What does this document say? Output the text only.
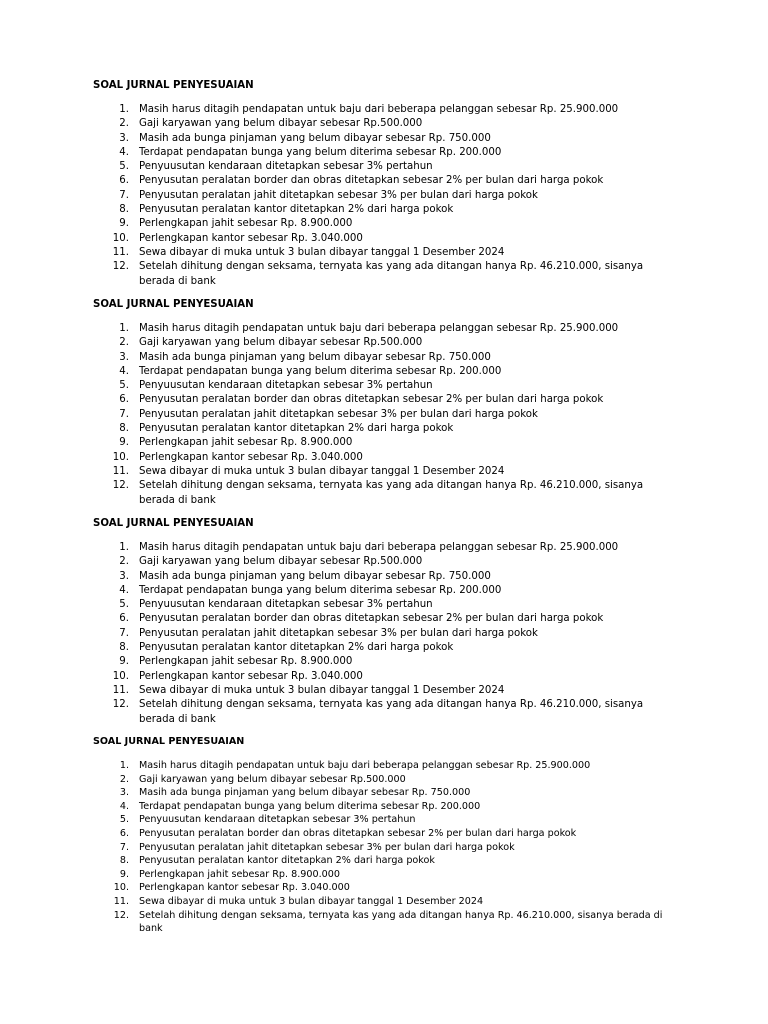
SOAL JURNAL PENYESUAIAN
1. Masih harus ditagih pendapatan untuk baju dari beberapa pelanggan sebesar Rp. 25.900.000
2. Gaji karyawan yang belum dibayar sebesar Rp.500.000
3. Masih ada bunga pinjaman yang belum dibayar sebesar Rp. 750.000
4. Terdapat pendapatan bunga yang belum diterima sebesar Rp. 200.000
5. Penyuusutan kendaraan ditetapkan sebesar 3% pertahun
6. Penyusutan peralatan border dan obras ditetapkan sebesar 2% per bulan dari harga pokok
7. Penyusutan peralatan jahit ditetapkan sebesar 3% per bulan dari harga pokok
8. Penyusutan peralatan kantor ditetapkan 2% dari harga pokok
9. Perlengkapan jahit sebesar Rp. 8.900.000
10. Perlengkapan kantor sebesar Rp. 3.040.000
11. Sewa dibayar di muka untuk 3 bulan dibayar tanggal 1 Desember 2024
12. Setelah dihitung dengan seksama, ternyata kas yang ada ditangan hanya Rp. 46.210.000, sisanya berada di bank
SOAL JURNAL PENYESUAIAN
1. Masih harus ditagih pendapatan untuk baju dari beberapa pelanggan sebesar Rp. 25.900.000
2. Gaji karyawan yang belum dibayar sebesar Rp.500.000
3. Masih ada bunga pinjaman yang belum dibayar sebesar Rp. 750.000
4. Terdapat pendapatan bunga yang belum diterima sebesar Rp. 200.000
5. Penyuusutan kendaraan ditetapkan sebesar 3% pertahun
6. Penyusutan peralatan border dan obras ditetapkan sebesar 2% per bulan dari harga pokok
7. Penyusutan peralatan jahit ditetapkan sebesar 3% per bulan dari harga pokok
8. Penyusutan peralatan kantor ditetapkan 2% dari harga pokok
9. Perlengkapan jahit sebesar Rp. 8.900.000
10. Perlengkapan kantor sebesar Rp. 3.040.000
11. Sewa dibayar di muka untuk 3 bulan dibayar tanggal 1 Desember 2024
12. Setelah dihitung dengan seksama, ternyata kas yang ada ditangan hanya Rp. 46.210.000, sisanya berada di bank
SOAL JURNAL PENYESUAIAN
1. Masih harus ditagih pendapatan untuk baju dari beberapa pelanggan sebesar Rp. 25.900.000
2. Gaji karyawan yang belum dibayar sebesar Rp.500.000
3. Masih ada bunga pinjaman yang belum dibayar sebesar Rp. 750.000
4. Terdapat pendapatan bunga yang belum diterima sebesar Rp. 200.000
5. Penyuusutan kendaraan ditetapkan sebesar 3% pertahun
6. Penyusutan peralatan border dan obras ditetapkan sebesar 2% per bulan dari harga pokok
7. Penyusutan peralatan jahit ditetapkan sebesar 3% per bulan dari harga pokok
8. Penyusutan peralatan kantor ditetapkan 2% dari harga pokok
9. Perlengkapan jahit sebesar Rp. 8.900.000
10. Perlengkapan kantor sebesar Rp. 3.040.000
11. Sewa dibayar di muka untuk 3 bulan dibayar tanggal 1 Desember 2024
12. Setelah dihitung dengan seksama, ternyata kas yang ada ditangan hanya Rp. 46.210.000, sisanya berada di bank
SOAL JURNAL PENYESUAIAN
1. Masih harus ditagih pendapatan untuk baju dari beberapa pelanggan sebesar Rp. 25.900.000
2. Gaji karyawan yang belum dibayar sebesar Rp.500.000
3. Masih ada bunga pinjaman yang belum dibayar sebesar Rp. 750.000
4. Terdapat pendapatan bunga yang belum diterima sebesar Rp. 200.000
5. Penyuusutan kendaraan ditetapkan sebesar 3% pertahun
6. Penyusutan peralatan border dan obras ditetapkan sebesar 2% per bulan dari harga pokok
7. Penyusutan peralatan jahit ditetapkan sebesar 3% per bulan dari harga pokok
8. Penyusutan peralatan kantor ditetapkan 2% dari harga pokok
9. Perlengkapan jahit sebesar Rp. 8.900.000
10. Perlengkapan kantor sebesar Rp. 3.040.000
11. Sewa dibayar di muka untuk 3 bulan dibayar tanggal 1 Desember 2024
12. Setelah dihitung dengan seksama, ternyata kas yang ada ditangan hanya Rp. 46.210.000, sisanya berada di bank
